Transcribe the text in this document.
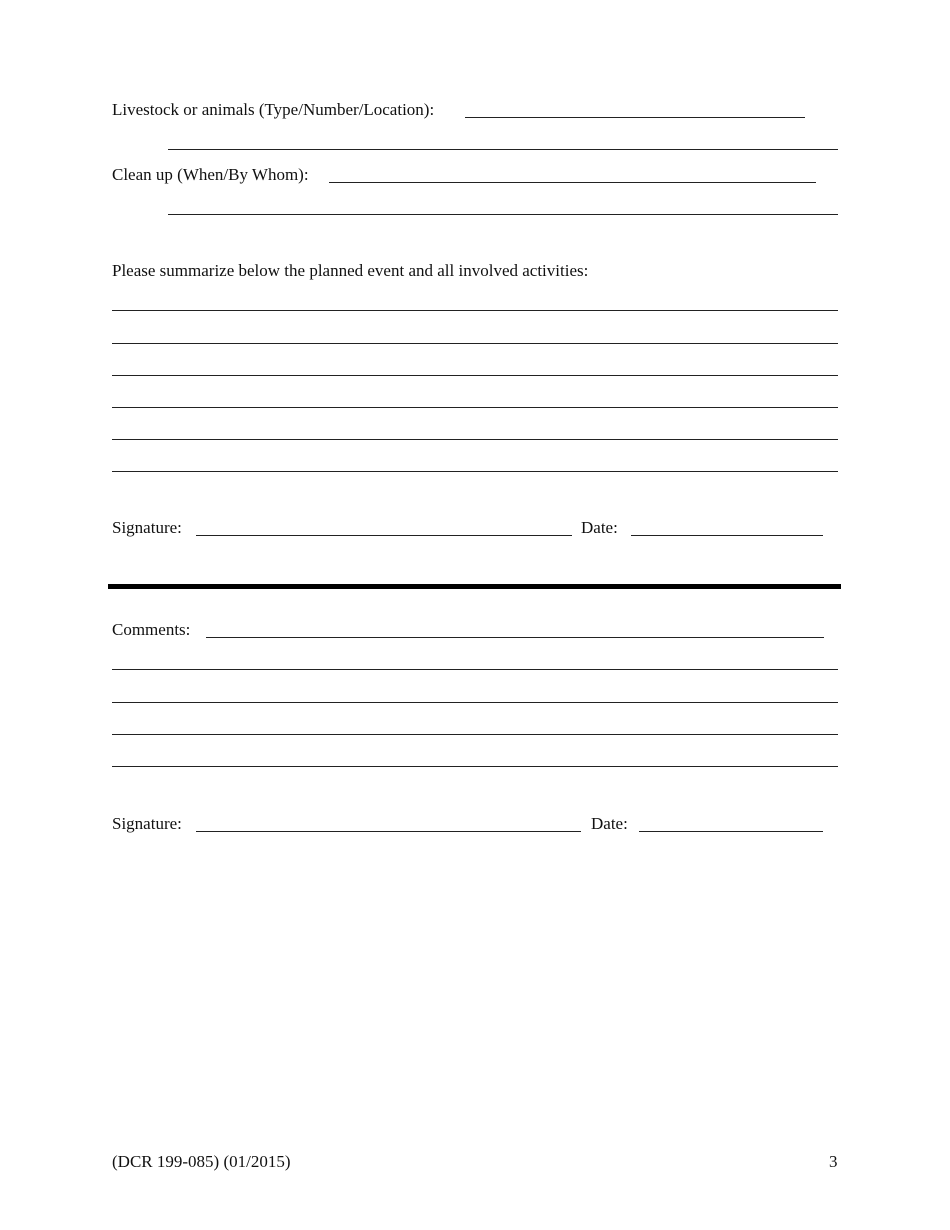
Livestock or animals (Type/Number/Location):
Clean up (When/By Whom):
Please summarize below the planned event and all involved activities:
Signature:	Date:
Comments:
Signature:	Date:
(DCR 199-085) (01/2015)	3
